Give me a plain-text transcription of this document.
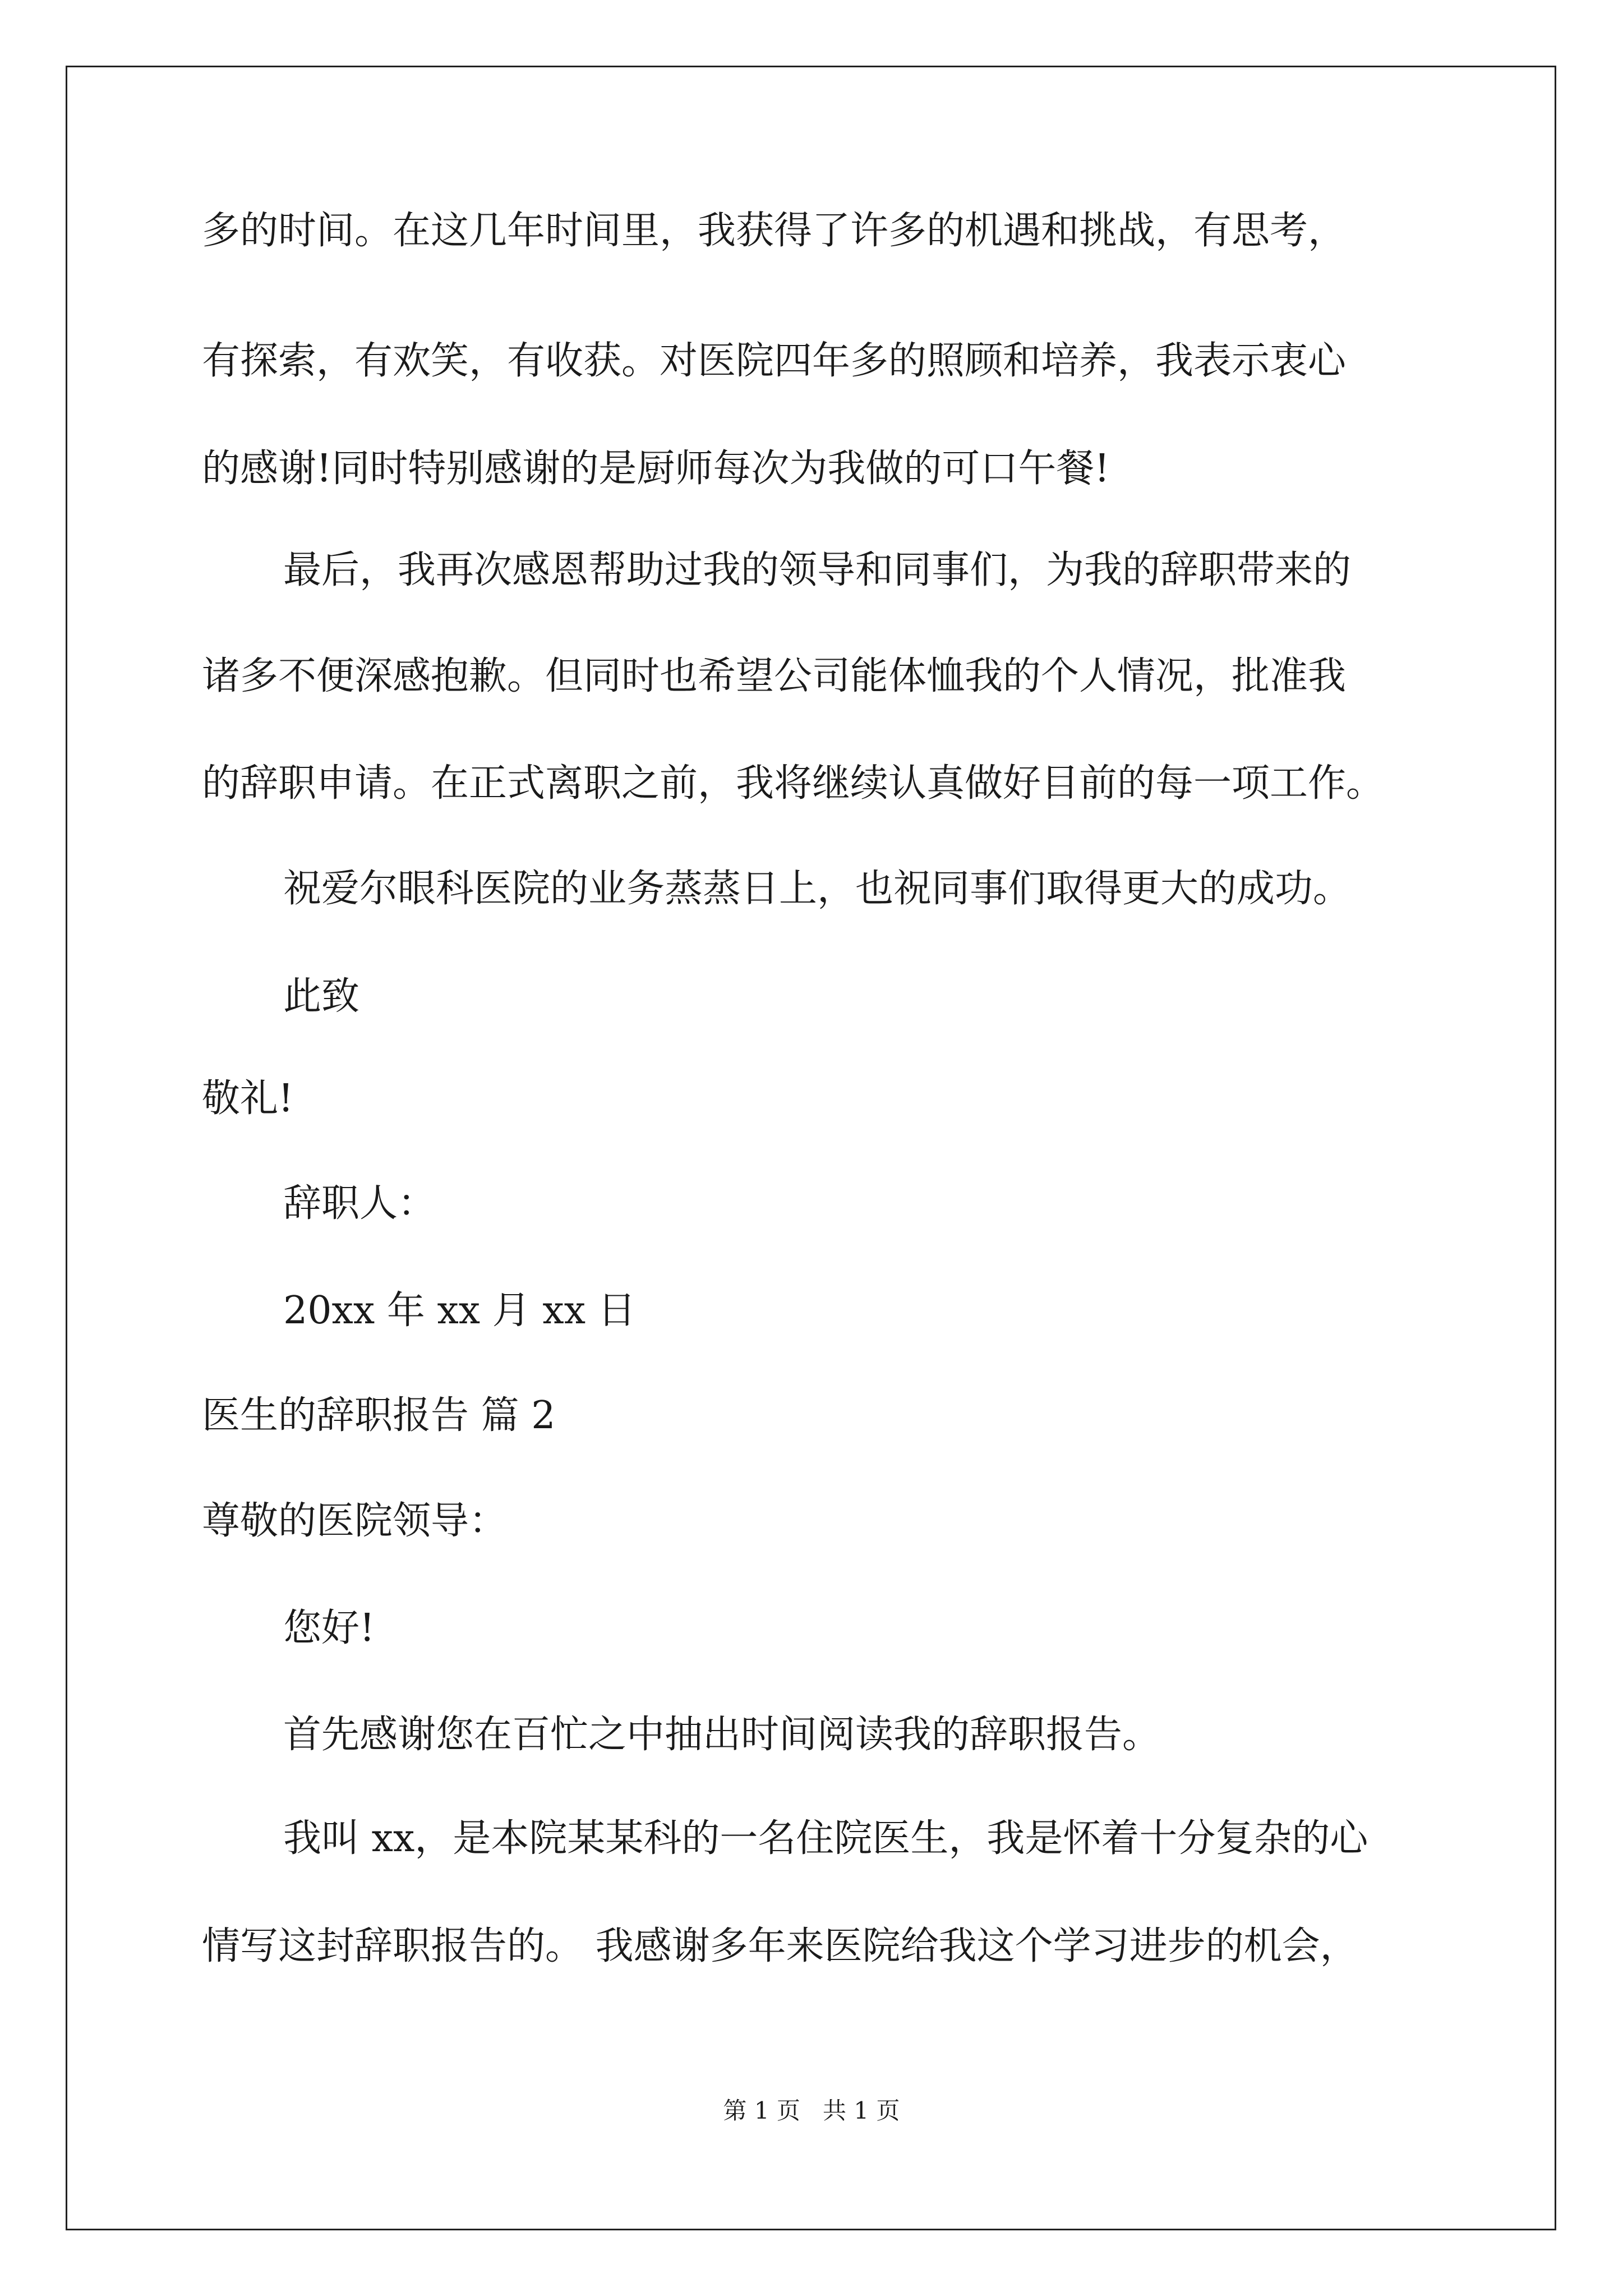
多的时间。在这几年时间里，我获得了许多的机遇和挑战，有思考，
有探索，有欢笑，有收获。对医院四年多的照顾和培养，我表示衷心
的感谢!同时特别感谢的是厨师每次为我做的可口午餐!
最后，我再次感恩帮助过我的领导和同事们，为我的辞职带来的
诸多不便深感抱歉。但同时也希望公司能体恤我的个人情况，批准我
的辞职申请。在正式离职之前，我将继续认真做好目前的每一项工作。
祝爱尔眼科医院的业务蒸蒸日上，也祝同事们取得更大的成功。
此致
敬礼!
辞职人：
20xx 年 xx 月 xx 日
医生的辞职报告 篇 2
尊敬的医院领导：
您好!
首先感谢您在百忙之中抽出时间阅读我的辞职报告。
我叫 xx，是本院某某科的一名住院医生，我是怀着十分复杂的心
情写这封辞职报告的。 我感谢多年来医院给我这个学习进步的机会，
第 1 页   共 1 页
